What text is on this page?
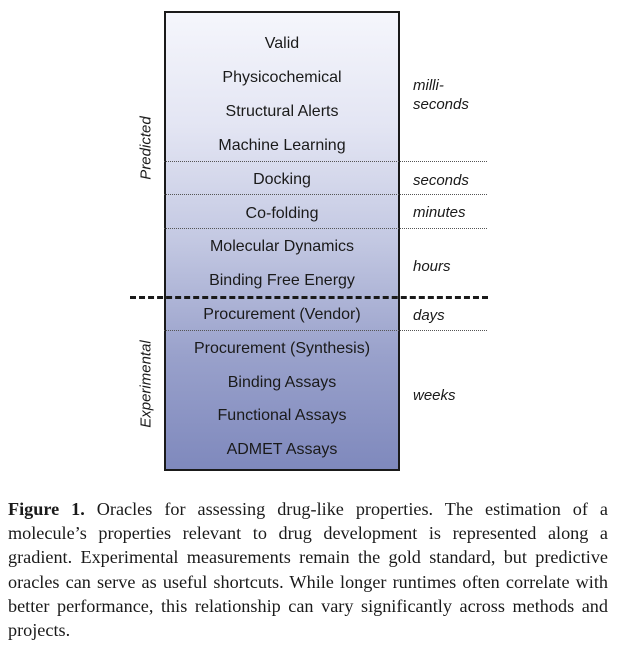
Valid
Physicochemical
Structural Alerts
Machine Learning
Docking
Co-folding
Molecular Dynamics
Binding Free Energy
Procurement (Vendor)
Procurement (Synthesis)
Binding Assays
Functional Assays
ADMET Assays
milli-
seconds
seconds
minutes
hours
days
weeks
Predicted
Experimental
Figure 1. Oracles for assessing drug-like properties. The estimation of a molecule’s properties relevant to drug development is represented along a gradient. Experimental measurements remain the gold standard, but predictive oracles can serve as useful shortcuts. While longer runtimes often correlate with better performance, this relationship can vary significantly across methods and projects.
